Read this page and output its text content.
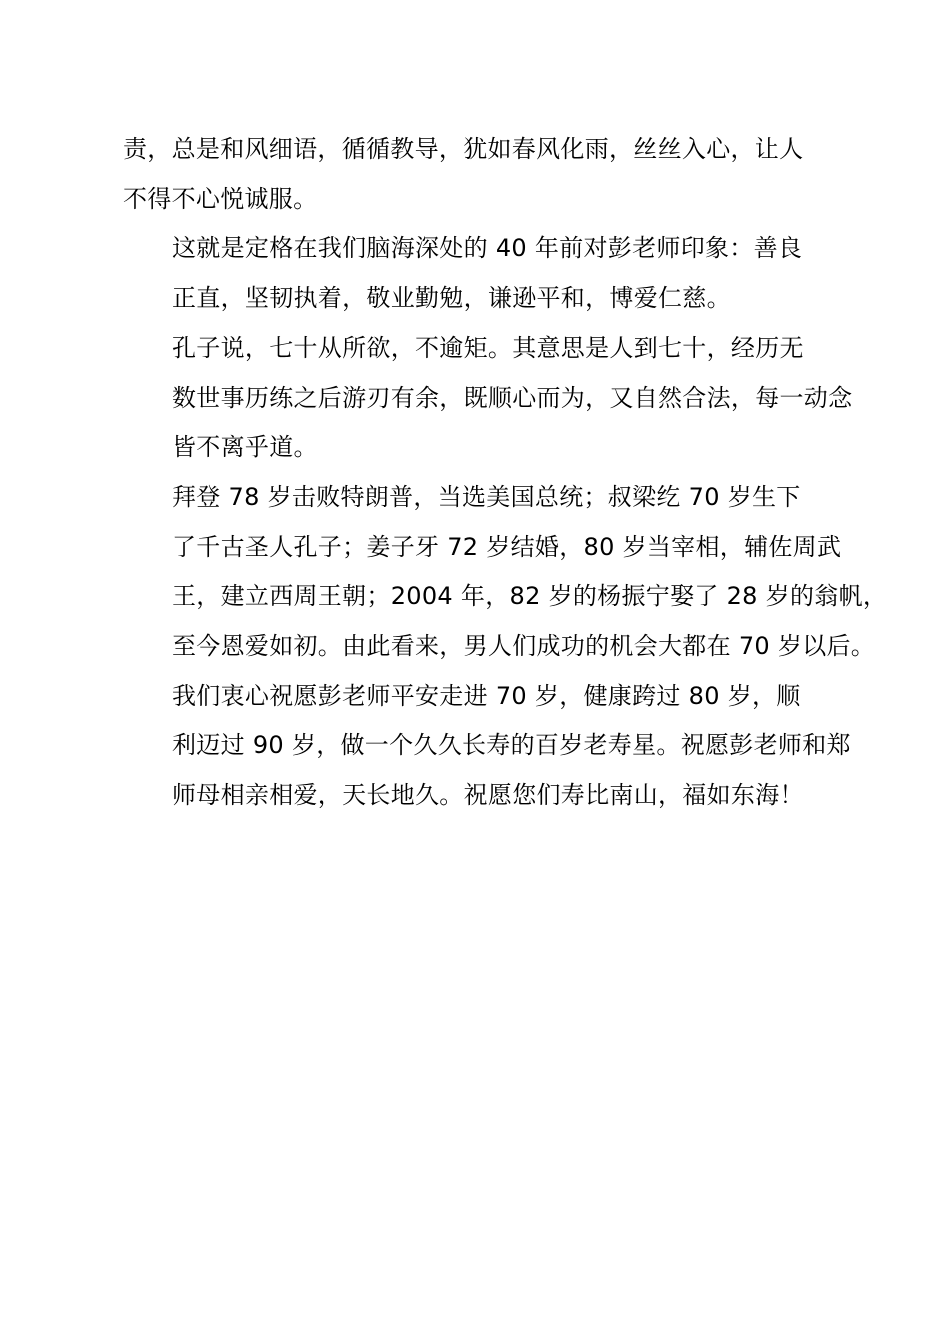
责，总是和风细语，循循教导，犹如春风化雨，丝丝入心，让人
不得不心悦诚服。

这就是定格在我们脑海深处的 40 年前对彭老师印象：善良
正直，坚韧执着，敬业勤勉，谦逊平和，博爱仁慈。

孔子说，七十从所欲，不逾矩。其意思是人到七十，经历无
数世事历练之后游刃有余，既顺心而为，又自然合法，每一动念
皆不离乎道。

拜登 78 岁击败特朗普，当选美国总统；叔梁纥 70 岁生下
了千古圣人孔子；姜子牙 72 岁结婚，80 岁当宰相，辅佐周武
王，建立西周王朝；2004 年，82 岁的杨振宁娶了 28 岁的翁帆，
至今恩爱如初。由此看来，男人们成功的机会大都在 70 岁以后。

我们衷心祝愿彭老师平安走进 70 岁，健康跨过 80 岁，顺
利迈过 90 岁，做一个久久长寿的百岁老寿星。祝愿彭老师和郑
师母相亲相爱，天长地久。祝愿您们寿比南山，福如东海！
